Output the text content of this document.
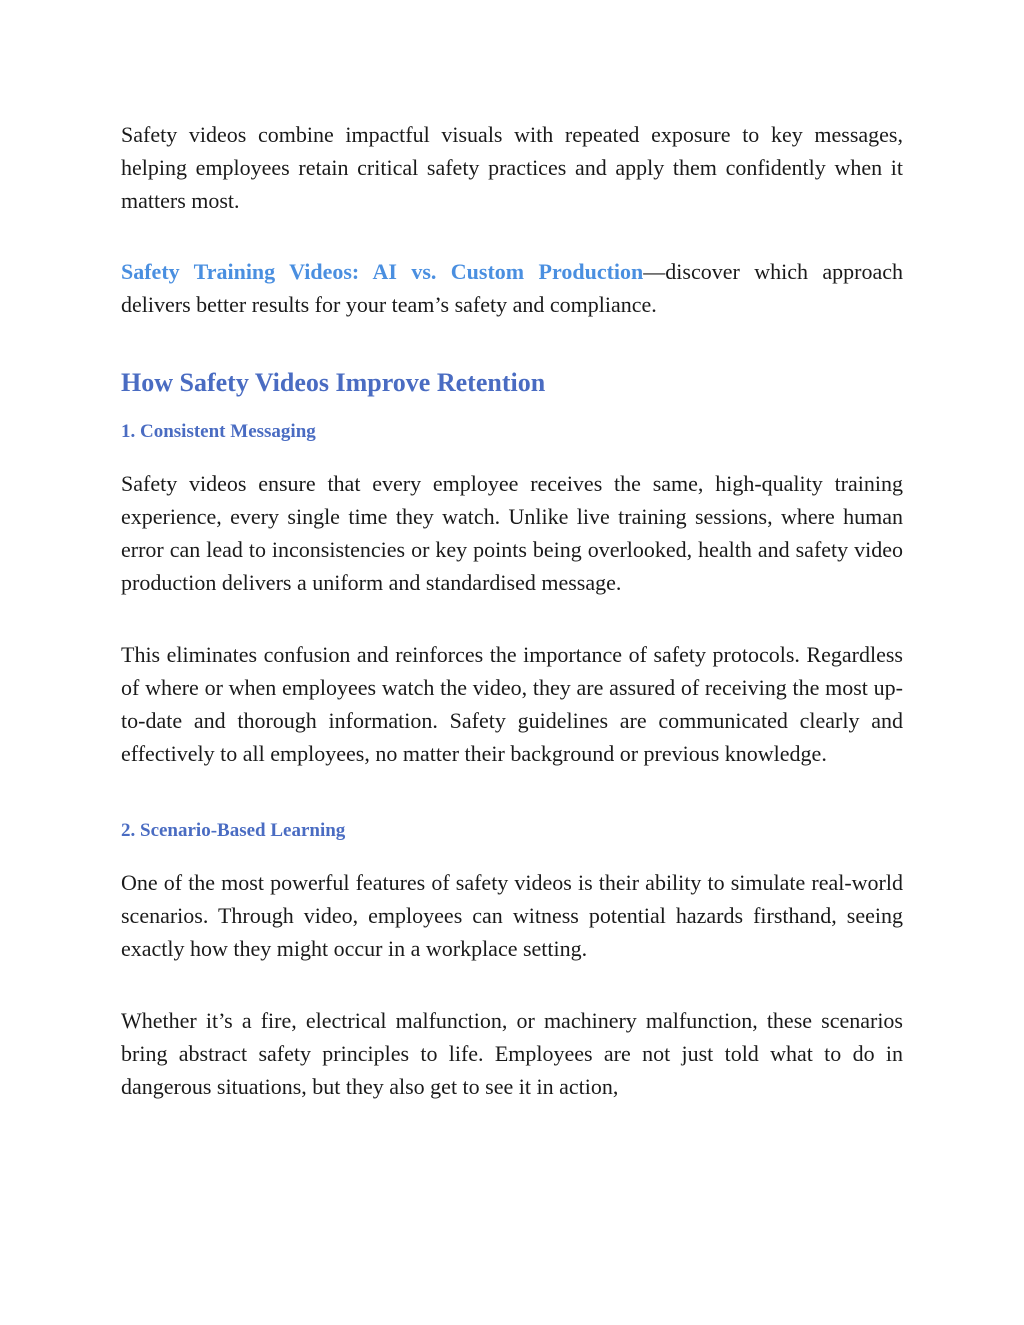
Safety videos combine impactful visuals with repeated exposure to key messages, helping employees retain critical safety practices and apply them confidently when it matters most.

Safety Training Videos: AI vs. Custom Production—discover which approach delivers better results for your team’s safety and compliance.

How Safety Videos Improve Retention
1. Consistent Messaging

Safety videos ensure that every employee receives the same, high-quality training experience, every single time they watch. Unlike live training sessions, where human error can lead to inconsistencies or key points being overlooked, health and safety video production delivers a uniform and standardised message.

This eliminates confusion and reinforces the importance of safety protocols. Regardless of where or when employees watch the video, they are assured of receiving the most up-to-date and thorough information. Safety guidelines are communicated clearly and effectively to all employees, no matter their background or previous knowledge.

2. Scenario-Based Learning

One of the most powerful features of safety videos is their ability to simulate real-world scenarios. Through video, employees can witness potential hazards firsthand, seeing exactly how they might occur in a workplace setting.

Whether it’s a fire, electrical malfunction, or machinery malfunction, these scenarios bring abstract safety principles to life. Employees are not just told what to do in dangerous situations, but they also get to see it in action,
